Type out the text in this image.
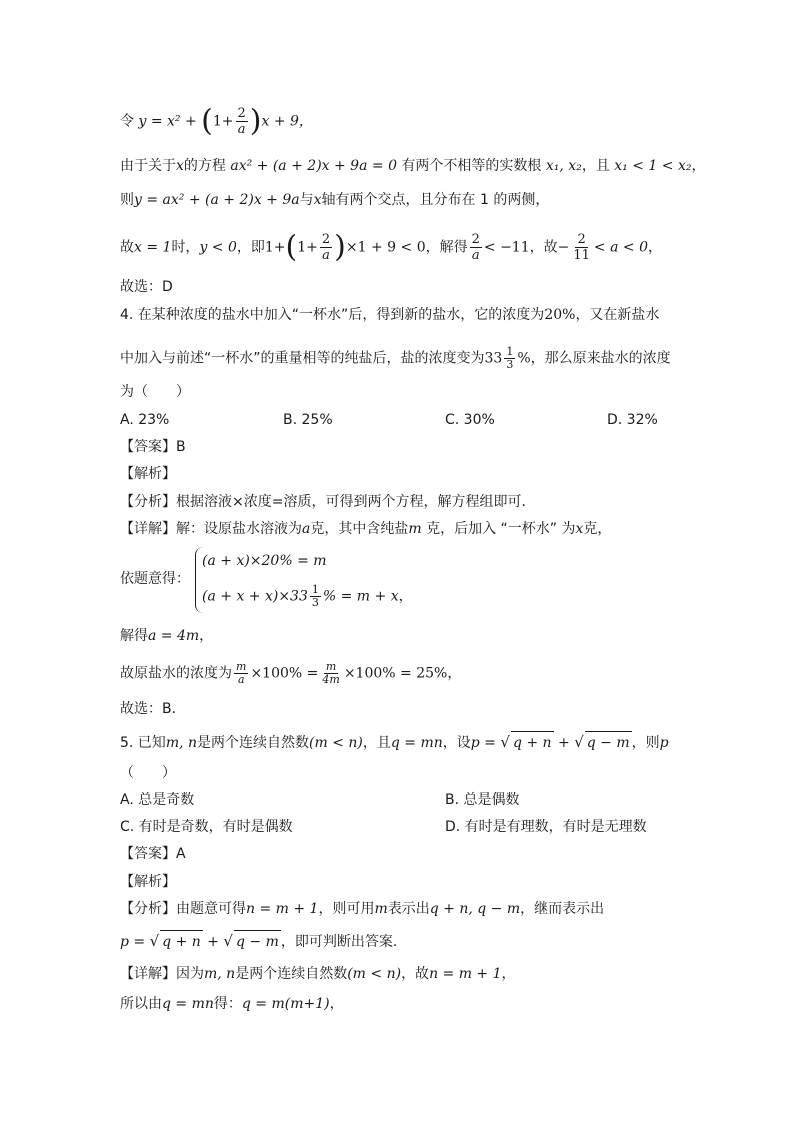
令 $y = x^2 + (1+ \frac{2}{a} )x + 9$，
由于关于x的方程 ax² + (a + 2)x + 9a = 0 有两个不相等的实数根 x₁, x₂，且 x₁ < 1 < x₂，
则y = ax² + (a + 2)x + 9a与x轴有两个交点，且分布在 1 的两侧，
故x = 1时，y < 0，即$1+(1+ \frac{2}{a} )\times 1 + 9 < 0$，解得 $\frac{2}{a} < -11$，故− $\frac{2}{11} < a < 0$，
故选：D
4. 在某种浓度的盐水中加入“一杯水”后，得到新的盐水，它的浓度为20%，又在新盐水
中加入与前述“一杯水”的重量相等的纯盐后，盐的浓度变为$33 \frac{1}{3}$ %，那么原来盐水的浓度
为（　　）
A. 23%	B. 25%	C. 30%	D. 32%
【答案】B
【解析】
【分析】根据溶液×浓度=溶质，可得到两个方程，解方程组即可．
【详解】解：设原盐水溶液为a克，其中含纯盐m 克，后加入 “一杯水” 为x克，
依题意得：
(a + x)×20% = m
$(a + x + x)\times 33 \frac{1}{3}$ % = m + x，
解得a = 4m，
故原盐水的浓度为 $\frac{m}{a} \times 100\% = \frac{m}{4m} \times 100\% = 25\%$，
故选：B．
5. 已知m, n是两个连续自然数(m < n)，且q = mn，设p = √ q + n + √ q − m ，则p
（　　）
A. 总是奇数	B. 总是偶数
C. 有时是奇数，有时是偶数	D. 有时是有理数，有时是无理数
【答案】A
【解析】
【分析】由题意可得n = m + 1，则可用m表示出q + n, q − m，继而表示出
p = √ q + n + √ q − m ，即可判断出答案.
【详解】因为m, n是两个连续自然数(m < n)，故n = m + 1，
所以由q = mn得：q = m(m+1)，
